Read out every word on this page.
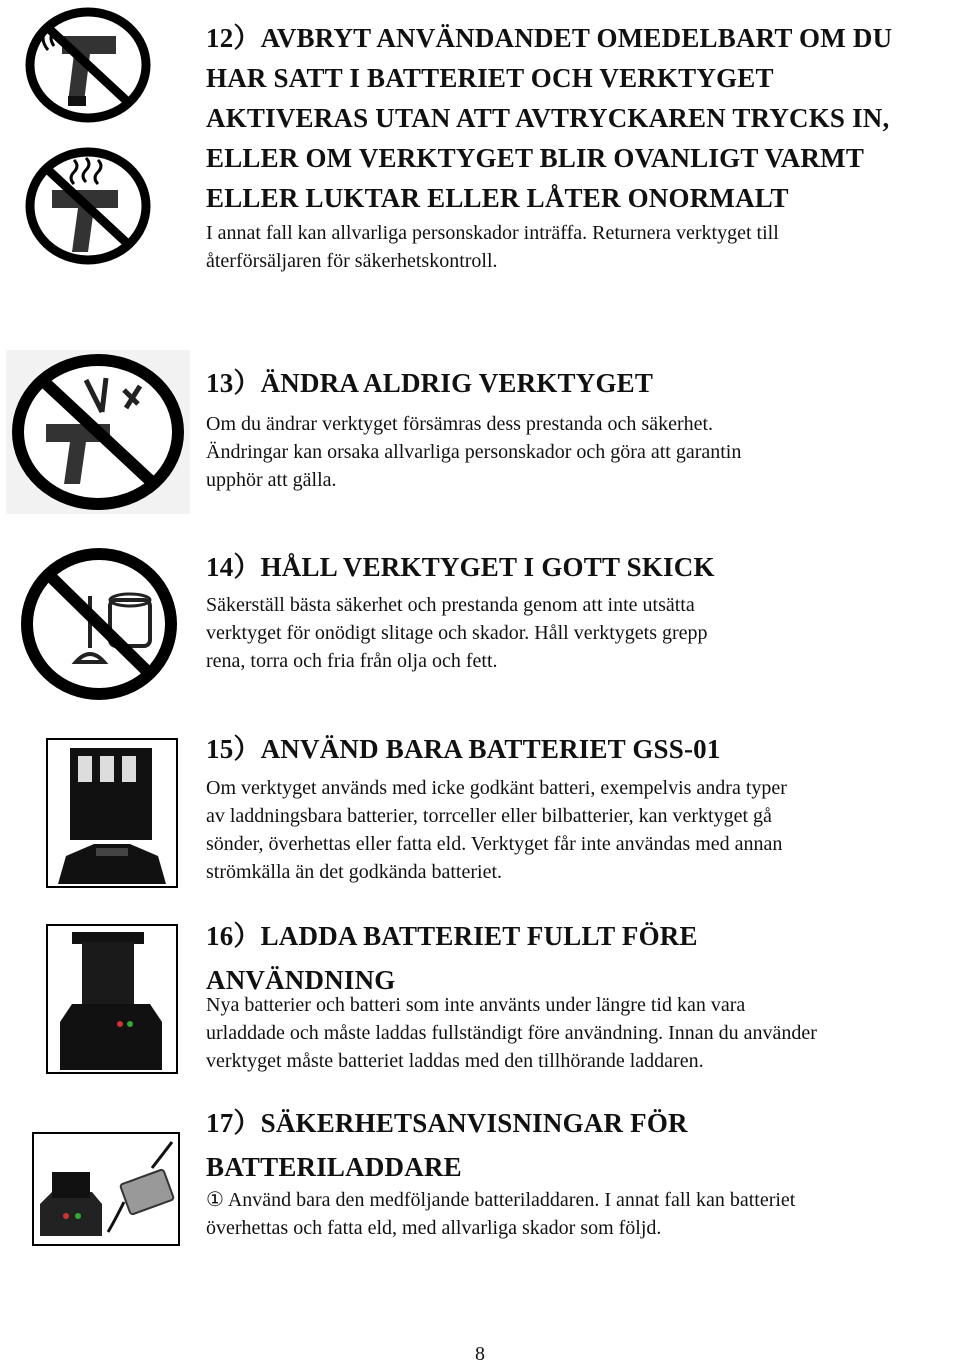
12）AVBRYT ANVÄNDANDET OMEDELBART OM DU
HAR SATT I BATTERIET OCH VERKTYGET
AKTIVERAS UTAN ATT AVTRYCKAREN TRYCKS IN,
ELLER OM VERKTYGET BLIR OVANLIGT VARMT
ELLER LUKTAR ELLER LÅTER ONORMALT

I annat fall kan allvarliga personskador inträffa. Returnera verktyget till
återförsäljaren för säkerhetskontroll.

13）ÄNDRA ALDRIG VERKTYGET

Om du ändrar verktyget försämras dess prestanda och säkerhet.
Ändringar kan orsaka allvarliga personskador och göra att garantin
upphör att gälla.

14）HÅLL VERKTYGET I GOTT SKICK

Säkerställ bästa säkerhet och prestanda genom att inte utsätta
verktyget för onödigt slitage och skador. Håll verktygets grepp
rena, torra och fria från olja och fett.

15）ANVÄND BARA BATTERIET GSS-01

Om verktyget används med icke godkänt batteri, exempelvis andra typer
av laddningsbara batterier, torrceller eller bilbatterier, kan verktyget gå
sönder, överhettas eller fatta eld. Verktyget får inte användas med annan
strömkälla än det godkända batteriet.

16）LADDA BATTERIET FULLT FÖRE
ANVÄNDNING

Nya batterier och batteri som inte använts under längre tid kan vara
urladdade och måste laddas fullständigt före användning. Innan du använder
verktyget måste batteriet laddas med den tillhörande laddaren.

17）SÄKERHETSANVISNINGAR FÖR
BATTERILADDARE

① Använd bara den medföljande batteriladdaren. I annat fall kan batteriet
överhettas och fatta eld, med allvarliga skador som följd.

8
